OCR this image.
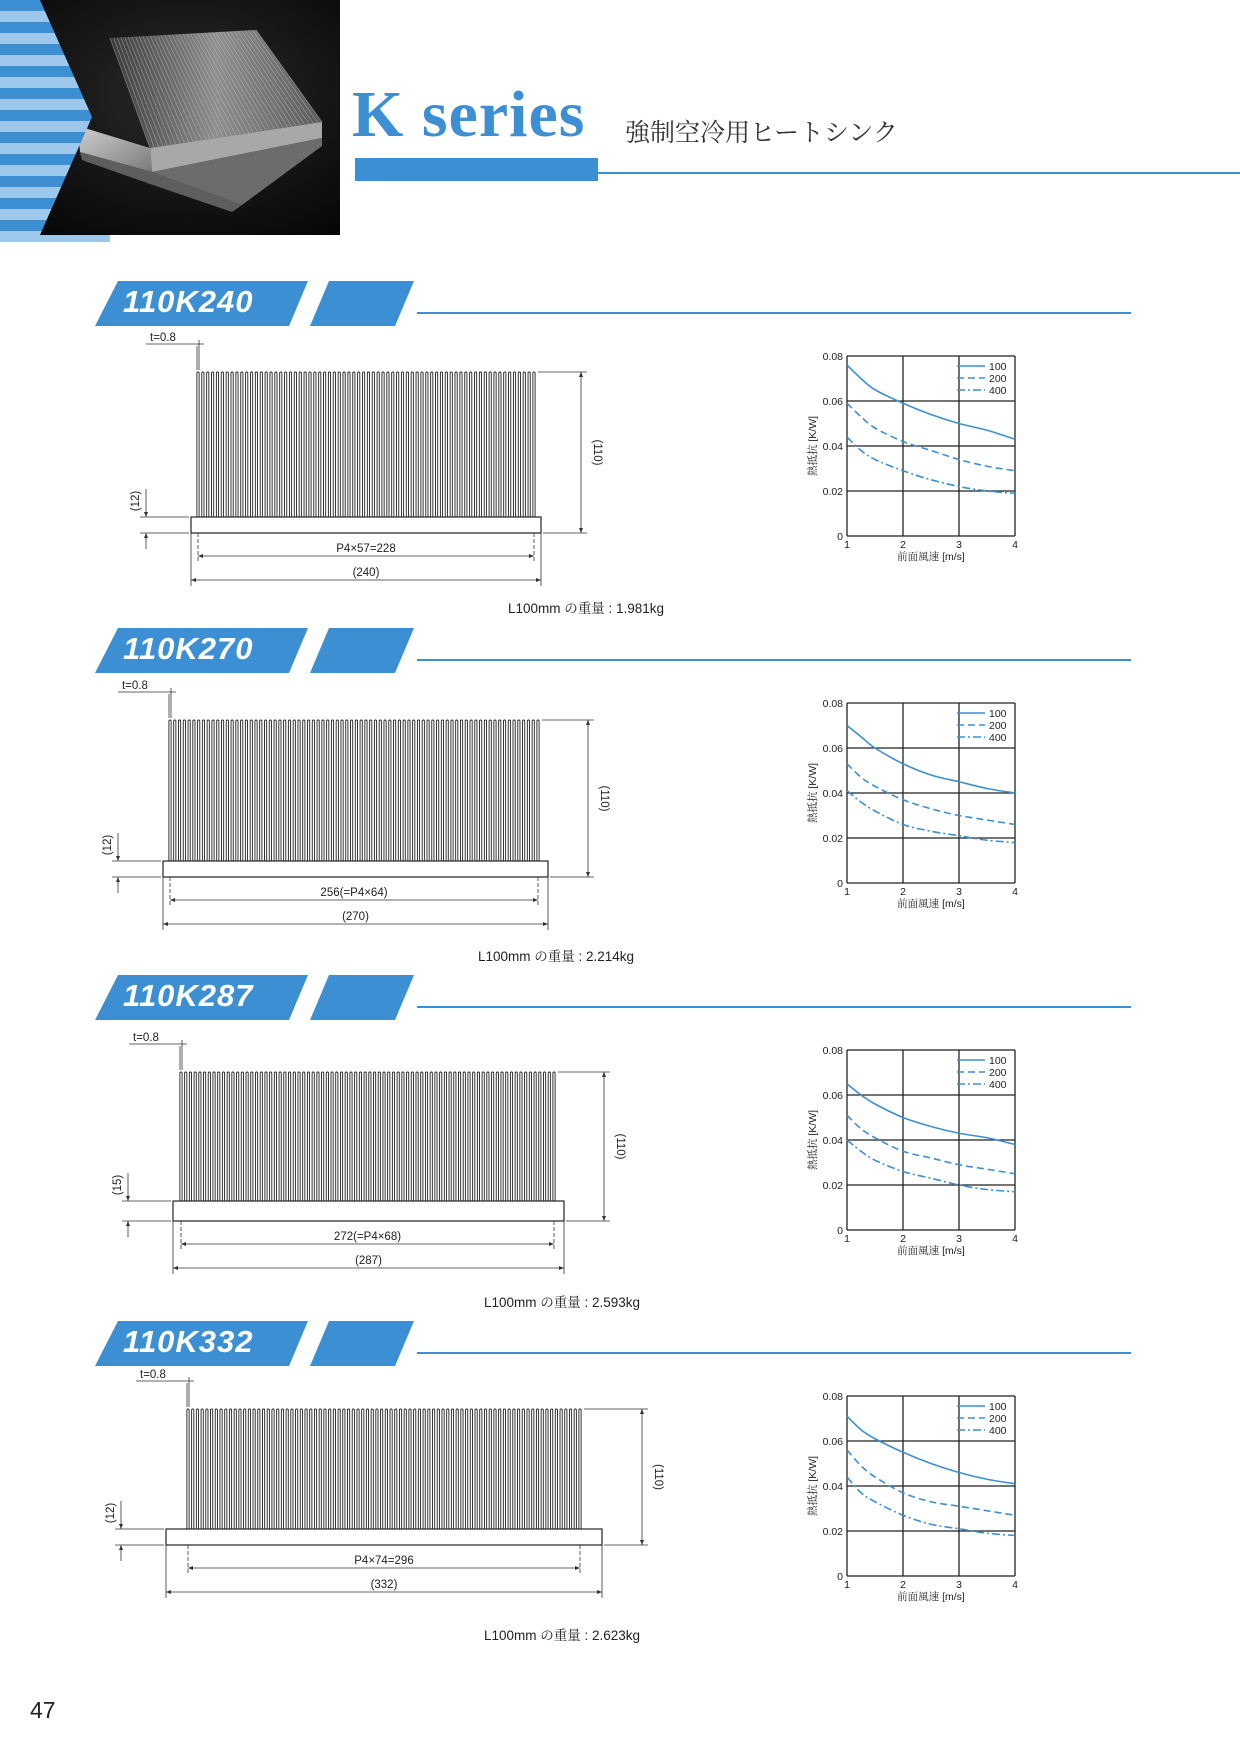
K series 強制空冷用ヒートシンク
110K240
t=0.8
P4×57=228
(240)
(110)
(12)
0.08
0.06
0.04
0.02
0
1	2	3	4
前面風速 [m/s]
熱抵抗 [K/W]
100
200
400
110K270
t=0.8
256(=P4×64)
(270)
(110)
(12)
0.08
0.06
0.04
0.02
0
1	2	3	4
前面風速 [m/s]
熱抵抗 [K/W]
100
200
400
110K287
t=0.8
272(=P4×68)
(287)
(110)
(15)
0.08
0.06
0.04
0.02
0
1	2	3	4
前面風速 [m/s]
熱抵抗 [K/W]
100
200
400
110K332
t=0.8
P4×74=296
(332)
(110)
(12)
0.08
0.06
0.04
0.02
0
1	2	3	4
前面風速 [m/s]
熱抵抗 [K/W]
100
200
400
47
L100mm の重量 : 1.981kg
L100mm の重量 : 2.214kg
L100mm の重量 : 2.593kg
L100mm の重量 : 2.623kg
